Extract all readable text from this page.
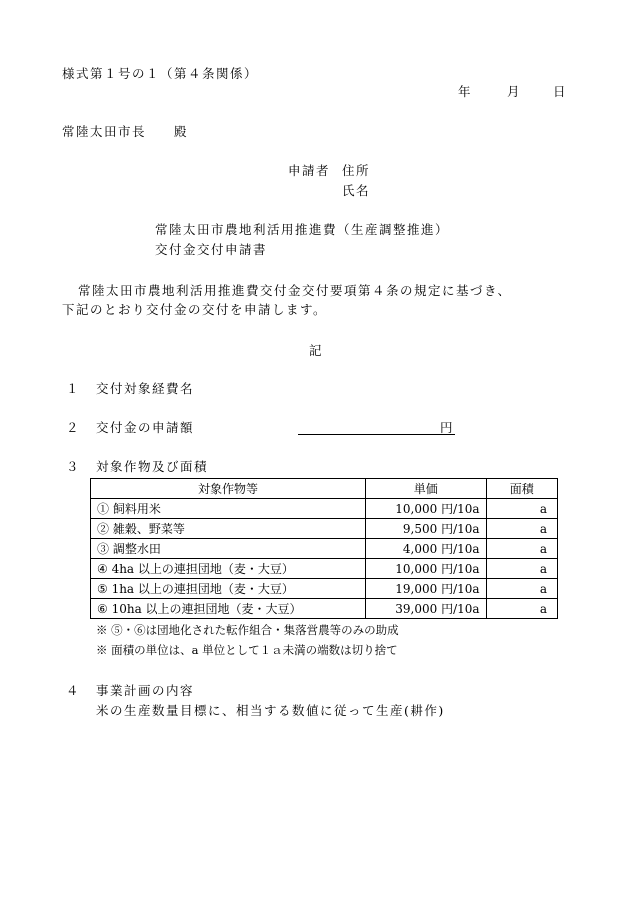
様式第１号の１（第４条関係）
年	月	日
常陸太田市長　　殿
申請者 住所
氏名
常陸太田市農地利活用推進費（生産調整推進）
交付金交付申請書
常陸太田市農地利活用推進費交付金交付要項第４条の規定に基づき、
下記のとおり交付金の交付を申請します。
記
１ 交付対象経費名
２ 交付金の申請額	円
３ 対象作物及び面積
対象作物等	単価	面積
① 飼料用米	10,000 円/10a	a
② 雑穀、野菜等	9,500 円/10a	a
③ 調整水田	4,000 円/10a	a
④ 4ha 以上の連担団地（麦・大豆）	10,000 円/10a	a
⑤ 1ha 以上の連担団地（麦・大豆）	19,000 円/10a	a
⑥ 10ha 以上の連担団地（麦・大豆）	39,000 円/10a	a
※ ⑤・⑥は団地化された転作組合・集落営農等のみの助成
※ 面積の単位は、a 単位として１ａ未満の端数は切り捨て
４ 事業計画の内容
米の生産数量目標に、相当する数値に従って生産(耕作)
